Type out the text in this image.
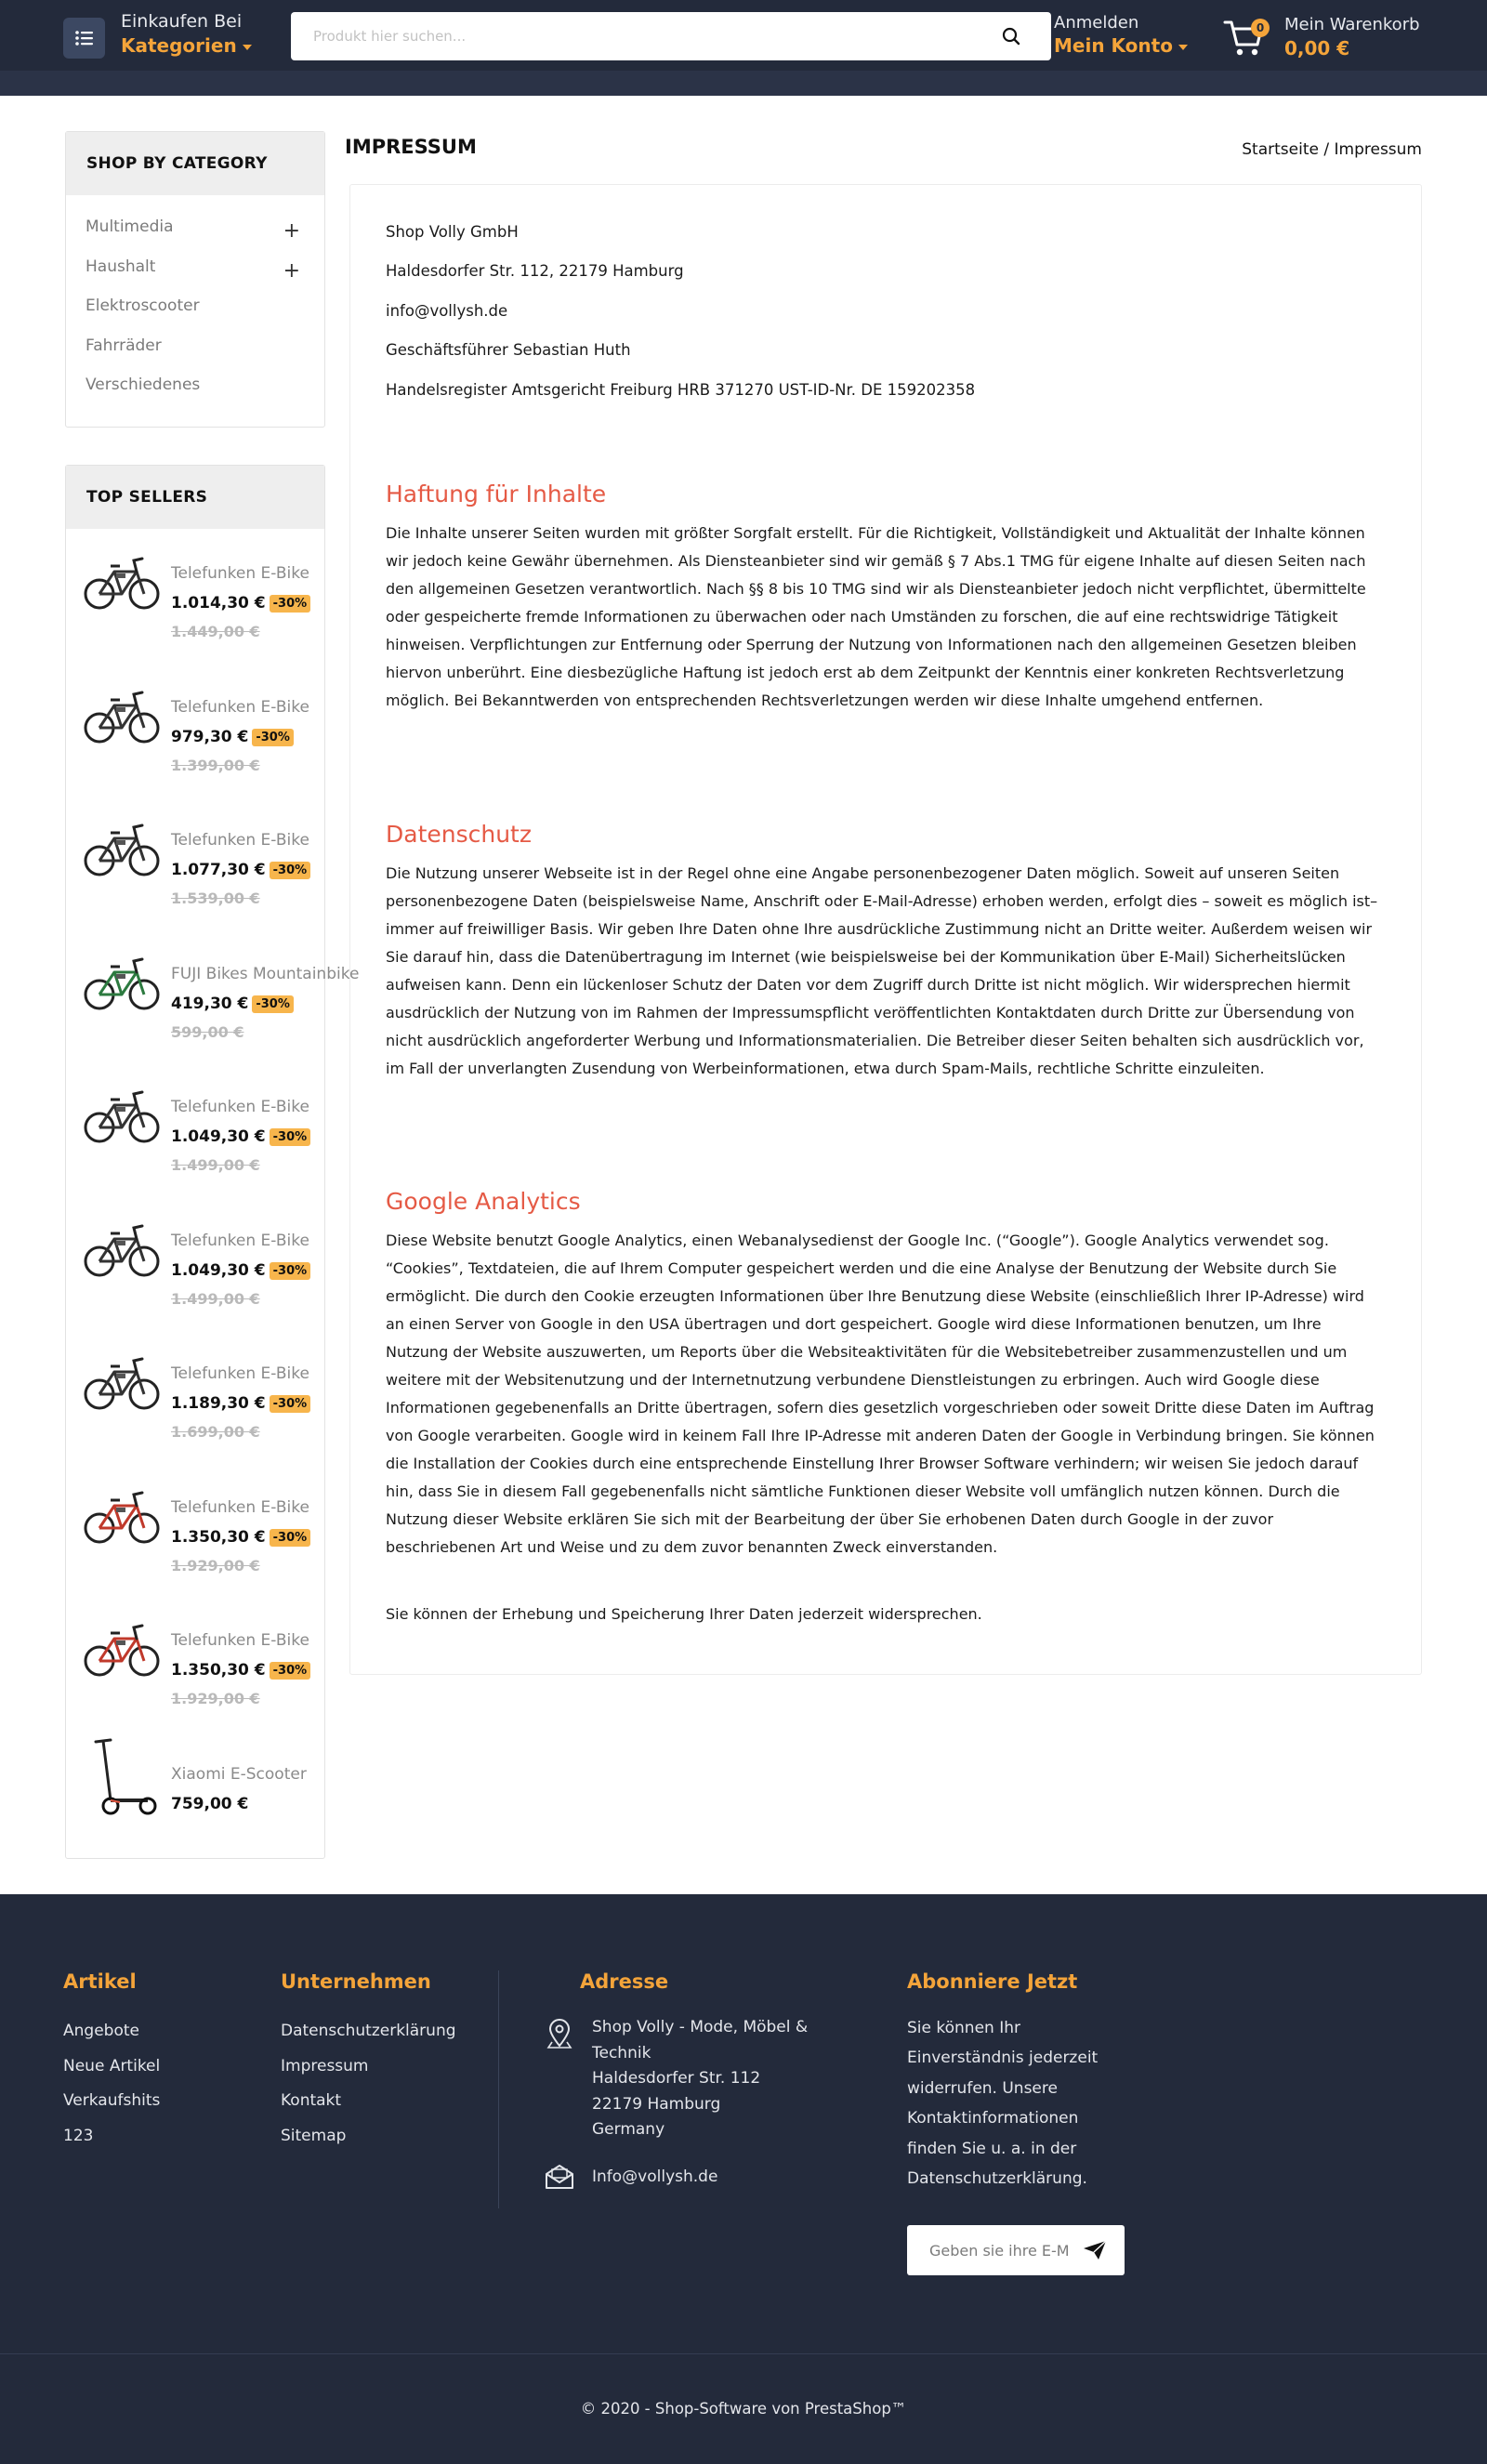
Einkaufen Bei
Kategorien
Produkt hier suchen...
Anmelden
Mein Konto
0	Mein Warenkorb
0,00 €
SHOP BY CATEGORY
Multimedia	+
Haushalt	+
Elektroscooter
Fahrräder
Verschiedenes
TOP SELLERS
Telefunken E-Bike
1.014,30 € -30%
1.449,00 €
Telefunken E-Bike
979,30 € -30%
1.399,00 €
Telefunken E-Bike
1.077,30 € -30%
1.539,00 €
FUJI Bikes Mountainbike
419,30 € -30%
599,00 €
Telefunken E-Bike
1.049,30 € -30%
1.499,00 €
Telefunken E-Bike
1.049,30 € -30%
1.499,00 €
Telefunken E-Bike
1.189,30 € -30%
1.699,00 €
Telefunken E-Bike
1.350,30 € -30%
1.929,00 €
Telefunken E-Bike
1.350,30 € -30%
1.929,00 €
Xiaomi E-Scooter
759,00 €
IMPRESSUM	Startseite / Impressum
Shop Volly GmbH
Haldesdorfer Str. 112, 22179 Hamburg
info@vollysh.de
Geschäftsführer Sebastian Huth
Handelsregister Amtsgericht Freiburg HRB 371270 UST-ID-Nr. DE 159202358
Haftung für Inhalte
Die Inhalte unserer Seiten wurden mit größter Sorgfalt erstellt. Für die Richtigkeit, Vollständigkeit und Aktualität der Inhalte können wir jedoch keine Gewähr übernehmen. Als Diensteanbieter sind wir gemäß § 7 Abs.1 TMG für eigene Inhalte auf diesen Seiten nach den allgemeinen Gesetzen verantwortlich. Nach §§ 8 bis 10 TMG sind wir als Diensteanbieter jedoch nicht verpflichtet, übermittelte oder gespeicherte fremde Informationen zu überwachen oder nach Umständen zu forschen, die auf eine rechtswidrige Tätigkeit hinweisen. Verpflichtungen zur Entfernung oder Sperrung der Nutzung von Informationen nach den allgemeinen Gesetzen bleiben hiervon unberührt. Eine diesbezügliche Haftung ist jedoch erst ab dem Zeitpunkt der Kenntnis einer konkreten Rechtsverletzung möglich. Bei Bekanntwerden von entsprechenden Rechtsverletzungen werden wir diese Inhalte umgehend entfernen.
Datenschutz
Die Nutzung unserer Webseite ist in der Regel ohne eine Angabe personenbezogener Daten möglich. Soweit auf unseren Seiten personenbezogene Daten (beispielsweise Name, Anschrift oder E-Mail-Adresse) erhoben werden, erfolgt dies – soweit es möglich ist– immer auf freiwilliger Basis. Wir geben Ihre Daten ohne Ihre ausdrückliche Zustimmung nicht an Dritte weiter. Außerdem weisen wir Sie darauf hin, dass die Datenübertragung im Internet (wie beispielsweise bei der Kommunikation über E-Mail) Sicherheitslücken aufweisen kann. Denn ein lückenloser Schutz der Daten vor dem Zugriff durch Dritte ist nicht möglich. Wir widersprechen hiermit ausdrücklich der Nutzung von im Rahmen der Impressumspflicht veröffentlichten Kontaktdaten durch Dritte zur Übersendung von nicht ausdrücklich angeforderter Werbung und Informationsmaterialien. Die Betreiber dieser Seiten behalten sich ausdrücklich vor, im Fall der unverlangten Zusendung von Werbeinformationen, etwa durch Spam-Mails, rechtliche Schritte einzuleiten.
Google Analytics
Diese Website benutzt Google Analytics, einen Webanalysedienst der Google Inc. (“Google”). Google Analytics verwendet sog. “Cookies”, Textdateien, die auf Ihrem Computer gespeichert werden und die eine Analyse der Benutzung der Website durch Sie ermöglicht. Die durch den Cookie erzeugten Informationen über Ihre Benutzung diese Website (einschließlich Ihrer IP-Adresse) wird an einen Server von Google in den USA übertragen und dort gespeichert. Google wird diese Informationen benutzen, um Ihre Nutzung der Website auszuwerten, um Reports über die Websiteaktivitäten für die Websitebetreiber zusammenzustellen und um weitere mit der Websitenutzung und der Internetnutzung verbundene Dienstleistungen zu erbringen. Auch wird Google diese Informationen gegebenenfalls an Dritte übertragen, sofern dies gesetzlich vorgeschrieben oder soweit Dritte diese Daten im Auftrag von Google verarbeiten. Google wird in keinem Fall Ihre IP-Adresse mit anderen Daten der Google in Verbindung bringen. Sie können die Installation der Cookies durch eine entsprechende Einstellung Ihrer Browser Software verhindern; wir weisen Sie jedoch darauf hin, dass Sie in diesem Fall gegebenenfalls nicht sämtliche Funktionen dieser Website voll umfänglich nutzen können. Durch die Nutzung dieser Website erklären Sie sich mit der Bearbeitung der über Sie erhobenen Daten durch Google in der zuvor beschriebenen Art und Weise und zu dem zuvor benannten Zweck einverstanden.
Sie können der Erhebung und Speicherung Ihrer Daten jederzeit widersprechen.
Artikel
Angebote
Neue Artikel
Verkaufshits
123
Unternehmen
Datenschutzerklärung
Impressum
Kontakt
Sitemap
Adresse
Shop Volly - Mode, Möbel &
Technik
Haldesdorfer Str. 112
22179 Hamburg
Germany
Info@vollysh.de
Abonniere Jetzt
Sie können Ihr
Einverständnis jederzeit
widerrufen. Unsere
Kontaktinformationen
finden Sie u. a. in der
Datenschutzerklärung.
Geben sie ihre E-Mail ein
© 2020 - Shop-Software von PrestaShop™
